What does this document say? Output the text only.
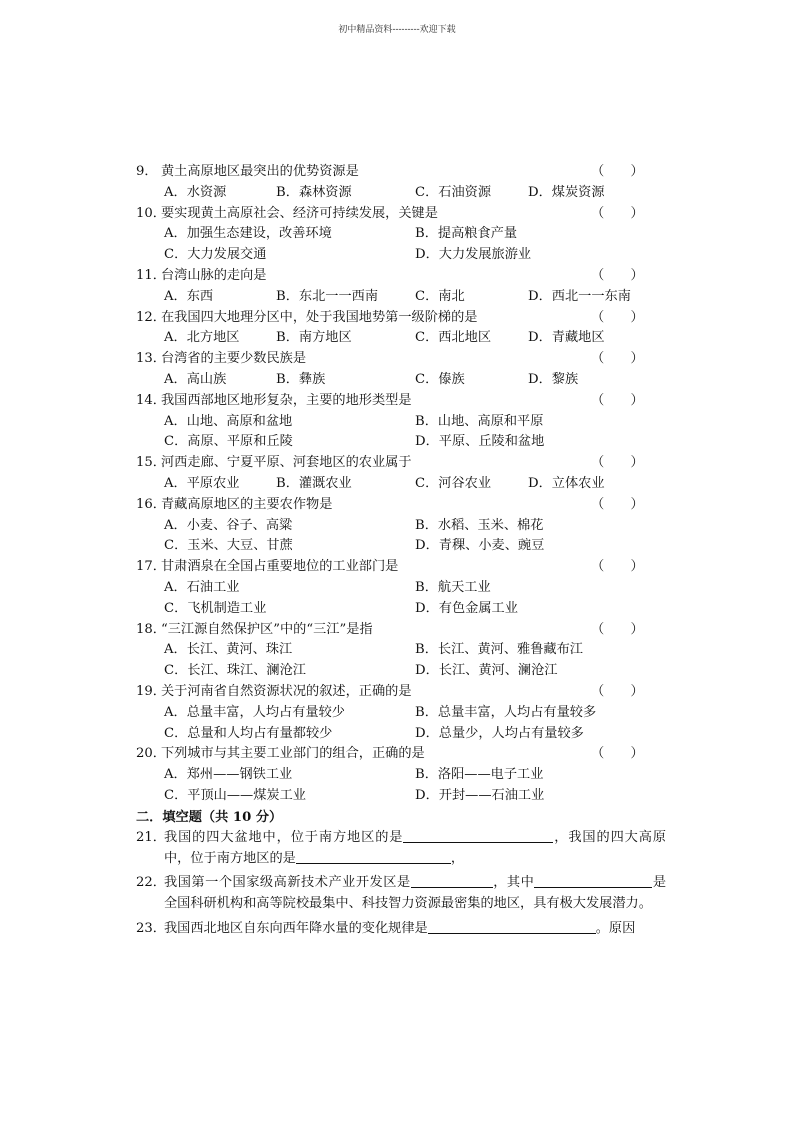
初中精品资料---------欢迎下载
9． 黄土高原地区最突出的优势资源是	（　　）
A．水资源	B．森林资源	C．石油资源	D．煤炭资源
10．
要实现黄土高原社会、经济可持续发展，关键是	（　　）
A．加强生态建设，改善环境	B．提高粮食产量
C．大力发展交通	D．大力发展旅游业
11．
台湾山脉的走向是	（　　）
A．东西	B．东北一一西南	C．南北	D．西北一一东南
12．
在我国四大地理分区中，处于我国地势第一级阶梯的是	（　　）
A．北方地区	B．南方地区	C．西北地区	D．青藏地区
13．
台湾省的主要少数民族是	（　　）
A．高山族	B．彝族	C．傣族	D．黎族
14．
我国西部地区地形复杂，主要的地形类型是	（　　）
A．山地、高原和盆地	B．山地、高原和平原
C．高原、平原和丘陵	D．平原、丘陵和盆地
15．
河西走廊、宁夏平原、河套地区的农业属于	（　　）
A．平原农业	B．灌溉农业	C．河谷农业	D．立体农业
16．
青藏高原地区的主要农作物是	（　　）
A．小麦、谷子、高粱	B．水稻、玉米、棉花
C．玉米、大豆、甘蔗	D．青稞、小麦、豌豆
17．
甘肃酒泉在全国占重要地位的工业部门是	（　　）
A．石油工业	B．航天工业
C．飞机制造工业	D．有色金属工业
18．
“三江源自然保护区”中的“三江”是指	（　　）
A．长江、黄河、珠江	B．长江、黄河、雅鲁藏布江
C．长江、珠江、澜沧江	D．长江、黄河、澜沧江
19．
关于河南省自然资源状况的叙述，正确的是	（　　）
A．总量丰富，人均占有量较少	B．总量丰富，人均占有量较多
C．总量和人均占有量都较少	D．总量少，人均占有量较多
20．
下列城市与其主要工业部门的组合，正确的是	（　　）
A．郑州——钢铁工业	B．洛阳——电子工业
C．平顶山——煤炭工业	D．开封——石油工业
二．填空题（共 10 分）
21．
我国的四大盆地中，位于南方地区的是	，我国的四大高原中，位于南方地区的是	，
22．
我国第一个国家级高新技术产业开发区是	，其中	是全国科研机构和高等院校最集中、科技智力资源最密集的地区，具有极大发展潜力。
23．
我国西北地区自东向西年降水量的变化规律是	。原因
